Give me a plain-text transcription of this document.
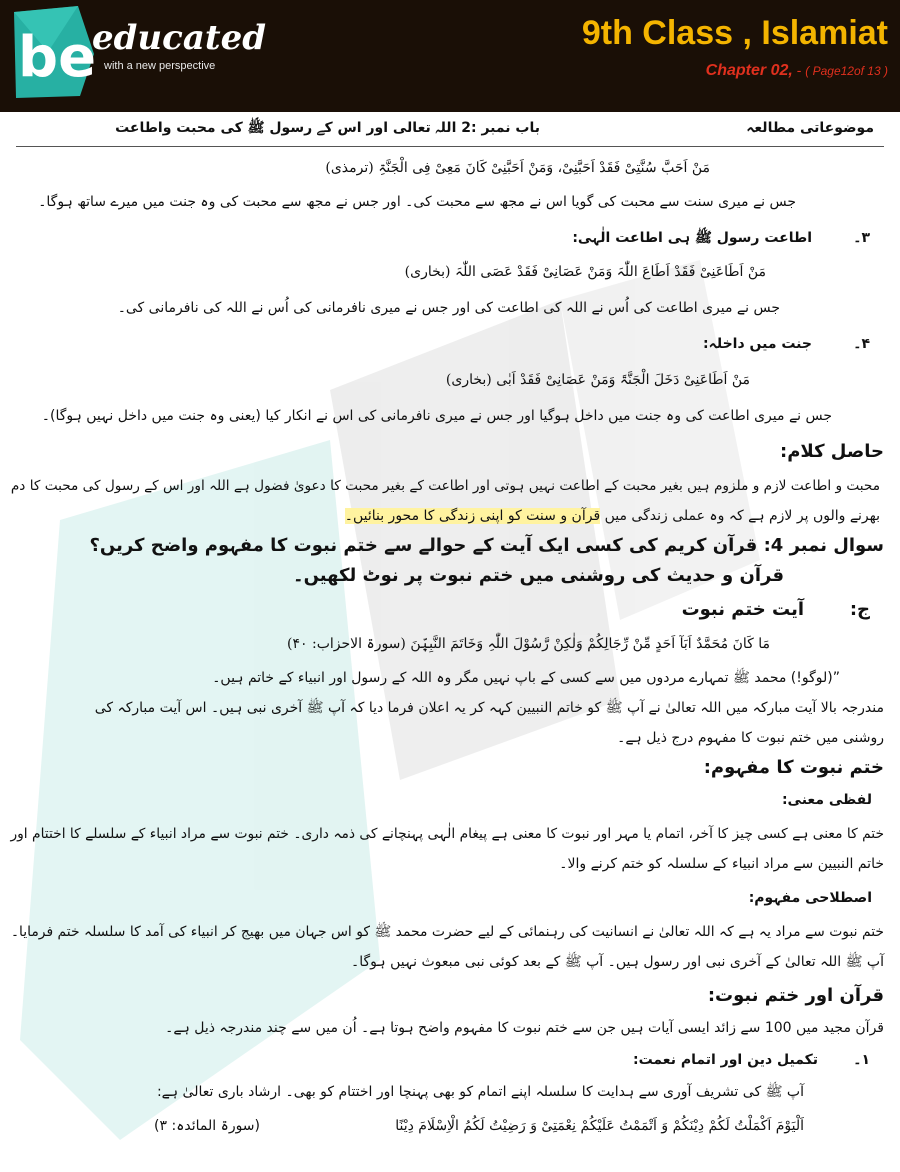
be
educated
with a new perspective
9th Class , Islamiat
Chapter 02, - ( Page12of 13 )
موضوعاتی مطالعہ
باب نمبر :2 اللہ تعالی اور اس کے رسول ﷺ کی محبت واطاعت
مَنْ اَحَبَّ سُنَّتِیْ فَقَدْ اَحَبَّنِیْ، وَمَنْ اَحَبَّنِیْ کَانَ مَعِیْ فِی الْجَنَّۃِ (ترمذی)
جس نے میری سنت سے محبت کی گویا اس نے مجھ سے محبت کی۔ اور جس نے مجھ سے محبت کی وہ جنت میں میرے ساتھ ہوگا۔
۳۔
اطاعت رسول ﷺ ہی اطاعت الٰہی:
مَنْ اَطَاعَنِیْ فَقَدْ اَطَاعَ اللّٰہَ وَمَنْ عَصَانِیْ فَقَدْ عَصَی اللّٰہَ (بخاری)
جس نے میری اطاعت کی اُس نے اللہ کی اطاعت کی اور جس نے میری نافرمانی کی اُس نے اللہ کی نافرمانی کی۔
۴۔
جنت میں داخلہ:
مَنْ اَطَاعَنِیْ دَخَلَ الْجَنَّۃَ وَمَنْ عَصَانِیْ فَقَدْ اَبٰی (بخاری)
جس نے میری اطاعت کی وہ جنت میں داخل ہوگیا اور جس نے میری نافرمانی کی اس نے انکار کیا (یعنی وہ جنت میں داخل نہیں ہوگا)۔
حاصل کلام:
محبت و اطاعت لازم و ملزوم ہیں بغیر محبت کے اطاعت نہیں ہوتی اور اطاعت کے بغیر محبت کا دعویٰ فضول ہے اللہ اور اس کے رسول کی محبت کا دم
بھرنے والوں پر لازم ہے کہ وہ عملی زندگی میں قرآن و سنت کو اپنی زندگی کا محور بنائیں۔
سوال نمبر 4: قرآن کریم کی کسی ایک آیت کے حوالے سے ختم نبوت کا مفہوم واضح کریں؟
قرآن و حدیث کی روشنی میں ختم نبوت پر نوٹ لکھیں۔
ج:
آیت ختم نبوت
مَا کَانَ مُحَمَّدٌ اَبَآ اَحَدٍ مِّنْ رِّجَالِکُمْ وَلٰکِنْ رَّسُوْلَ اللّٰہِ وَخَاتَمَ النَّبِیّٖنَ (سورۃ الاحزاب: ۴۰)
”(لوگو!) محمد ﷺ تمہارے مردوں میں سے کسی کے باپ نہیں مگر وہ اللہ کے رسول اور انبیاء کے خاتم ہیں۔
مندرجہ بالا آیت مبارکہ میں اللہ تعالیٰ نے آپ ﷺ کو خاتم النبیین کہہ کر یہ اعلان فرما دیا کہ آپ ﷺ آخری نبی ہیں۔ اس آیت مبارکہ کی
روشنی میں ختم نبوت کا مفہوم درج ذیل ہے۔
ختم نبوت کا مفہوم:
لفظی معنی:
ختم کا معنی ہے کسی چیز کا آخر، اتمام یا مہر اور نبوت کا معنی ہے پیغام الٰہی پہنچانے کی ذمہ داری۔ ختم نبوت سے مراد انبیاء کے سلسلے کا اختتام اور
خاتم النبیین سے مراد انبیاء کے سلسلہ کو ختم کرنے والا۔
اصطلاحی مفہوم:
ختم نبوت سے مراد یہ ہے کہ اللہ تعالیٰ نے انسانیت کی رہنمائی کے لیے حضرت محمد ﷺ کو اس جہان میں بھیج کر انبیاء کی آمد کا سلسلہ ختم فرمایا۔
آپ ﷺ اللہ تعالیٰ کے آخری نبی اور رسول ہیں۔ آپ ﷺ کے بعد کوئی نبی مبعوث نہیں ہوگا۔
قرآن اور ختم نبوت:
قرآن مجید میں 100 سے زائد ایسی آیات ہیں جن سے ختم نبوت کا مفہوم واضح ہوتا ہے۔ اُن میں سے چند مندرجہ ذیل ہے۔
۱۔
تکمیل دین اور اتمام نعمت:
آپ ﷺ کی تشریف آوری سے ہدایت کا سلسلہ اپنے اتمام کو بھی پہنچا اور اختتام کو بھی۔ ارشاد باری تعالیٰ ہے:
اَلْیَوْمَ اَکْمَلْتُ لَکُمْ دِیْنَکُمْ وَ اَتْمَمْتُ عَلَیْکُمْ نِعْمَتِیْ وَ رَضِیْتُ لَکُمُ الْاِسْلَامَ دِیْنًا
(سورۃ المائدہ: ۳)
